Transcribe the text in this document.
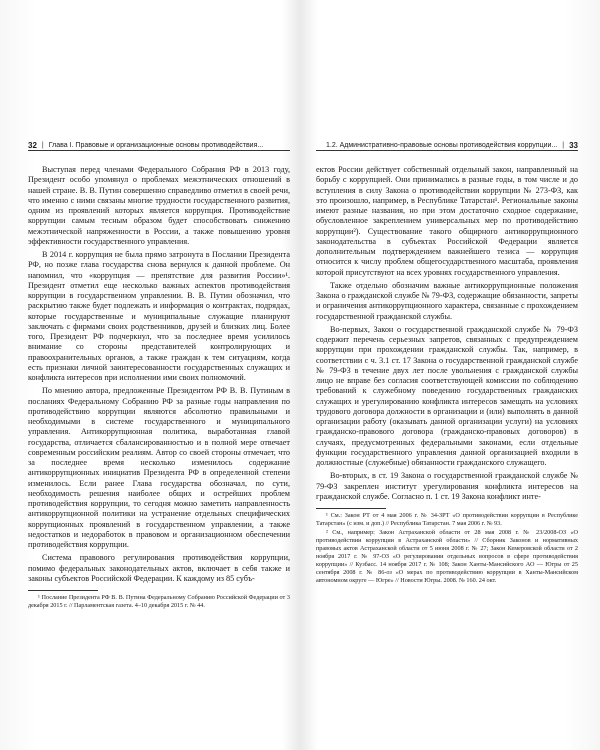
32 | Глава I. Правовые и организационные основы противодействия...

Выступая перед членами Федерального Собрания РФ в 2013 году, Президент особо упомянул о проблемах межэтнических отношений в нашей стране. В. В. Путин совершенно справедливо отметил в своей речи, что именно с ними связаны многие трудности государственного развития, одним из проявлений которых является коррупция. Противодействие коррупции самым тесным образом будет способствовать снижению межэтнической напряженности в России, а также повышению уровня эффективности государственного управления.

В 2014 г. коррупция не была прямо затронута в Послании Президента РФ, но позже глава государства снова вернулся к данной проблеме. Он напомнил, что «коррупция — препятствие для развития России»¹. Президент отметил еще несколько важных аспектов противодействия коррупции в государственном управлении. В. В. Путин обозначил, что раскрытию также будет подлежать и информация о контрактах, подрядах, которые государственные и муниципальные служащие планируют заключать с фирмами своих родственников, друзей и близких лиц. Более того, Президент РФ подчеркнул, что за последнее время усилилось внимание со стороны представителей контролирующих и правоохранительных органов, а также граждан к тем ситуациям, когда есть признаки личной заинтересованности государственных служащих и конфликта интересов при исполнении ими своих полномочий.

По мнению автора, предложенные Президентом РФ В. В. Путиным в посланиях Федеральному Собранию РФ за разные годы направления по противодействию коррупции являются абсолютно правильными и необходимыми в системе государственного и муниципального управления. Антикоррупционная политика, выработанная главой государства, отличается сбалансированностью и в полной мере отвечает современным российским реалиям. Автор со своей стороны отмечает, что за последнее время несколько изменилось содержание антикоррупционных инициатив Президента РФ в определенной степени изменилось. Если ранее Глава государства обозначал, по сути, необходимость решения наиболее общих и острейших проблем противодействия коррупции, то сегодня можно заметить направленность антикоррупционной политики на устранение отдельных специфических коррупционных проявлений в государственном управлении, а также недостатков и недоработок в правовом и организационном обеспечении противодействия коррупции.

Система правового регулирования противодействия коррупции, помимо федеральных законодательных актов, включает в себя также и законы субъектов Российской Федерации. К каждому из 85 субъ-

¹ Послание Президента РФ В. В. Путина Федеральному Собранию Российской Федерации от 3 декабря 2015 г. // Парламентская газета. 4–10 декабря 2015 г. № 44.

1.2. Административно-правовые основы противодействия коррупции... | 33

ектов России действует собственный отдельный закон, направленный на борьбу с коррупцией. Они принимались в разные годы, в том числе и до вступления в силу Закона о противодействии коррупции № 273-ФЗ, как это произошло, например, в Республике Татарстан¹. Региональные законы имеют разные названия, но при этом достаточно сходное содержание, обусловленное закреплением универсальных мер по противодействию коррупции²). Существование такого общирного антикоррупционного законодательства в субъектах Российской Федерации является дополнительным подтверждением важнейшего тезиса — коррупция относится к числу проблем общегосударственного масштаба, проявления которой присутствуют на всех уровнях государственного управления.

Также отдельно обозначим важные антикоррупционные положения Закона о гражданской службе № 79-ФЗ, содержащие обязанности, запреты и ограничения антикоррупционного характера, связанные с прохождением государственной гражданской службы.

Во-первых, Закон о государственной гражданской службе № 79-ФЗ содержит перечень серьезных запретов, связанных с предупреждением коррупции при прохождении гражданской службы. Так, например, в соответствии с ч. 3.1 ст. 17 Закона о государственной гражданской службе № 79-ФЗ в течение двух лет после увольнения с гражданской службы лицо не вправе без согласия соответствующей комиссии по соблюдению требований к служебному поведению государственных гражданских служащих и урегулированию конфликта интересов замещать на условиях трудового договора должности в организации и (или) выполнять в данной организации работу (оказывать данной организации услуги) на условиях гражданско-правового договора (гражданско-правовых договоров) в случаях, предусмотренных федеральными законами, если отдельные функции государственного управления данной организацией входили в должностные (служебные) обязанности гражданского служащего.

Во-вторых, в ст. 19 Закона о государственной гражданской службе № 79-ФЗ закреплен институт урегулирования конфликта интересов на гражданской службе. Согласно п. 1 ст. 19 Закона конфликт инте-

¹ См.: Закон РТ от 4 мая 2006 г. № 34-ЗРТ «О противодействии коррупции в Республике Татарстан» (с изм. и доп.) // Республика Татарстан. 7 мая 2006 г. № 93.

² См., например: Закон Астраханской области от 28 мая 2008 г. № 23/2008-ОЗ «О противодействии коррупции в Астраханской области» // Сборник Законов и нормативных правовых актов Астраханской области от 5 июня 2008 г. № 27; Закон Кемеровской области от 2 ноября 2017 г. № 97-ОЗ «О регулировании отдельных вопросов в сфере противодействия коррупции» // Кузбасс. 14 ноября 2017 г. № 108; Закон Ханты-Мансийского АО — Югры от 25 сентября 2008 г. № 86-оз «О мерах по противодействию коррупции в Ханты-Мансийском автономном округе — Югре» // Новости Югры. 2008. № 160. 24 окт.
